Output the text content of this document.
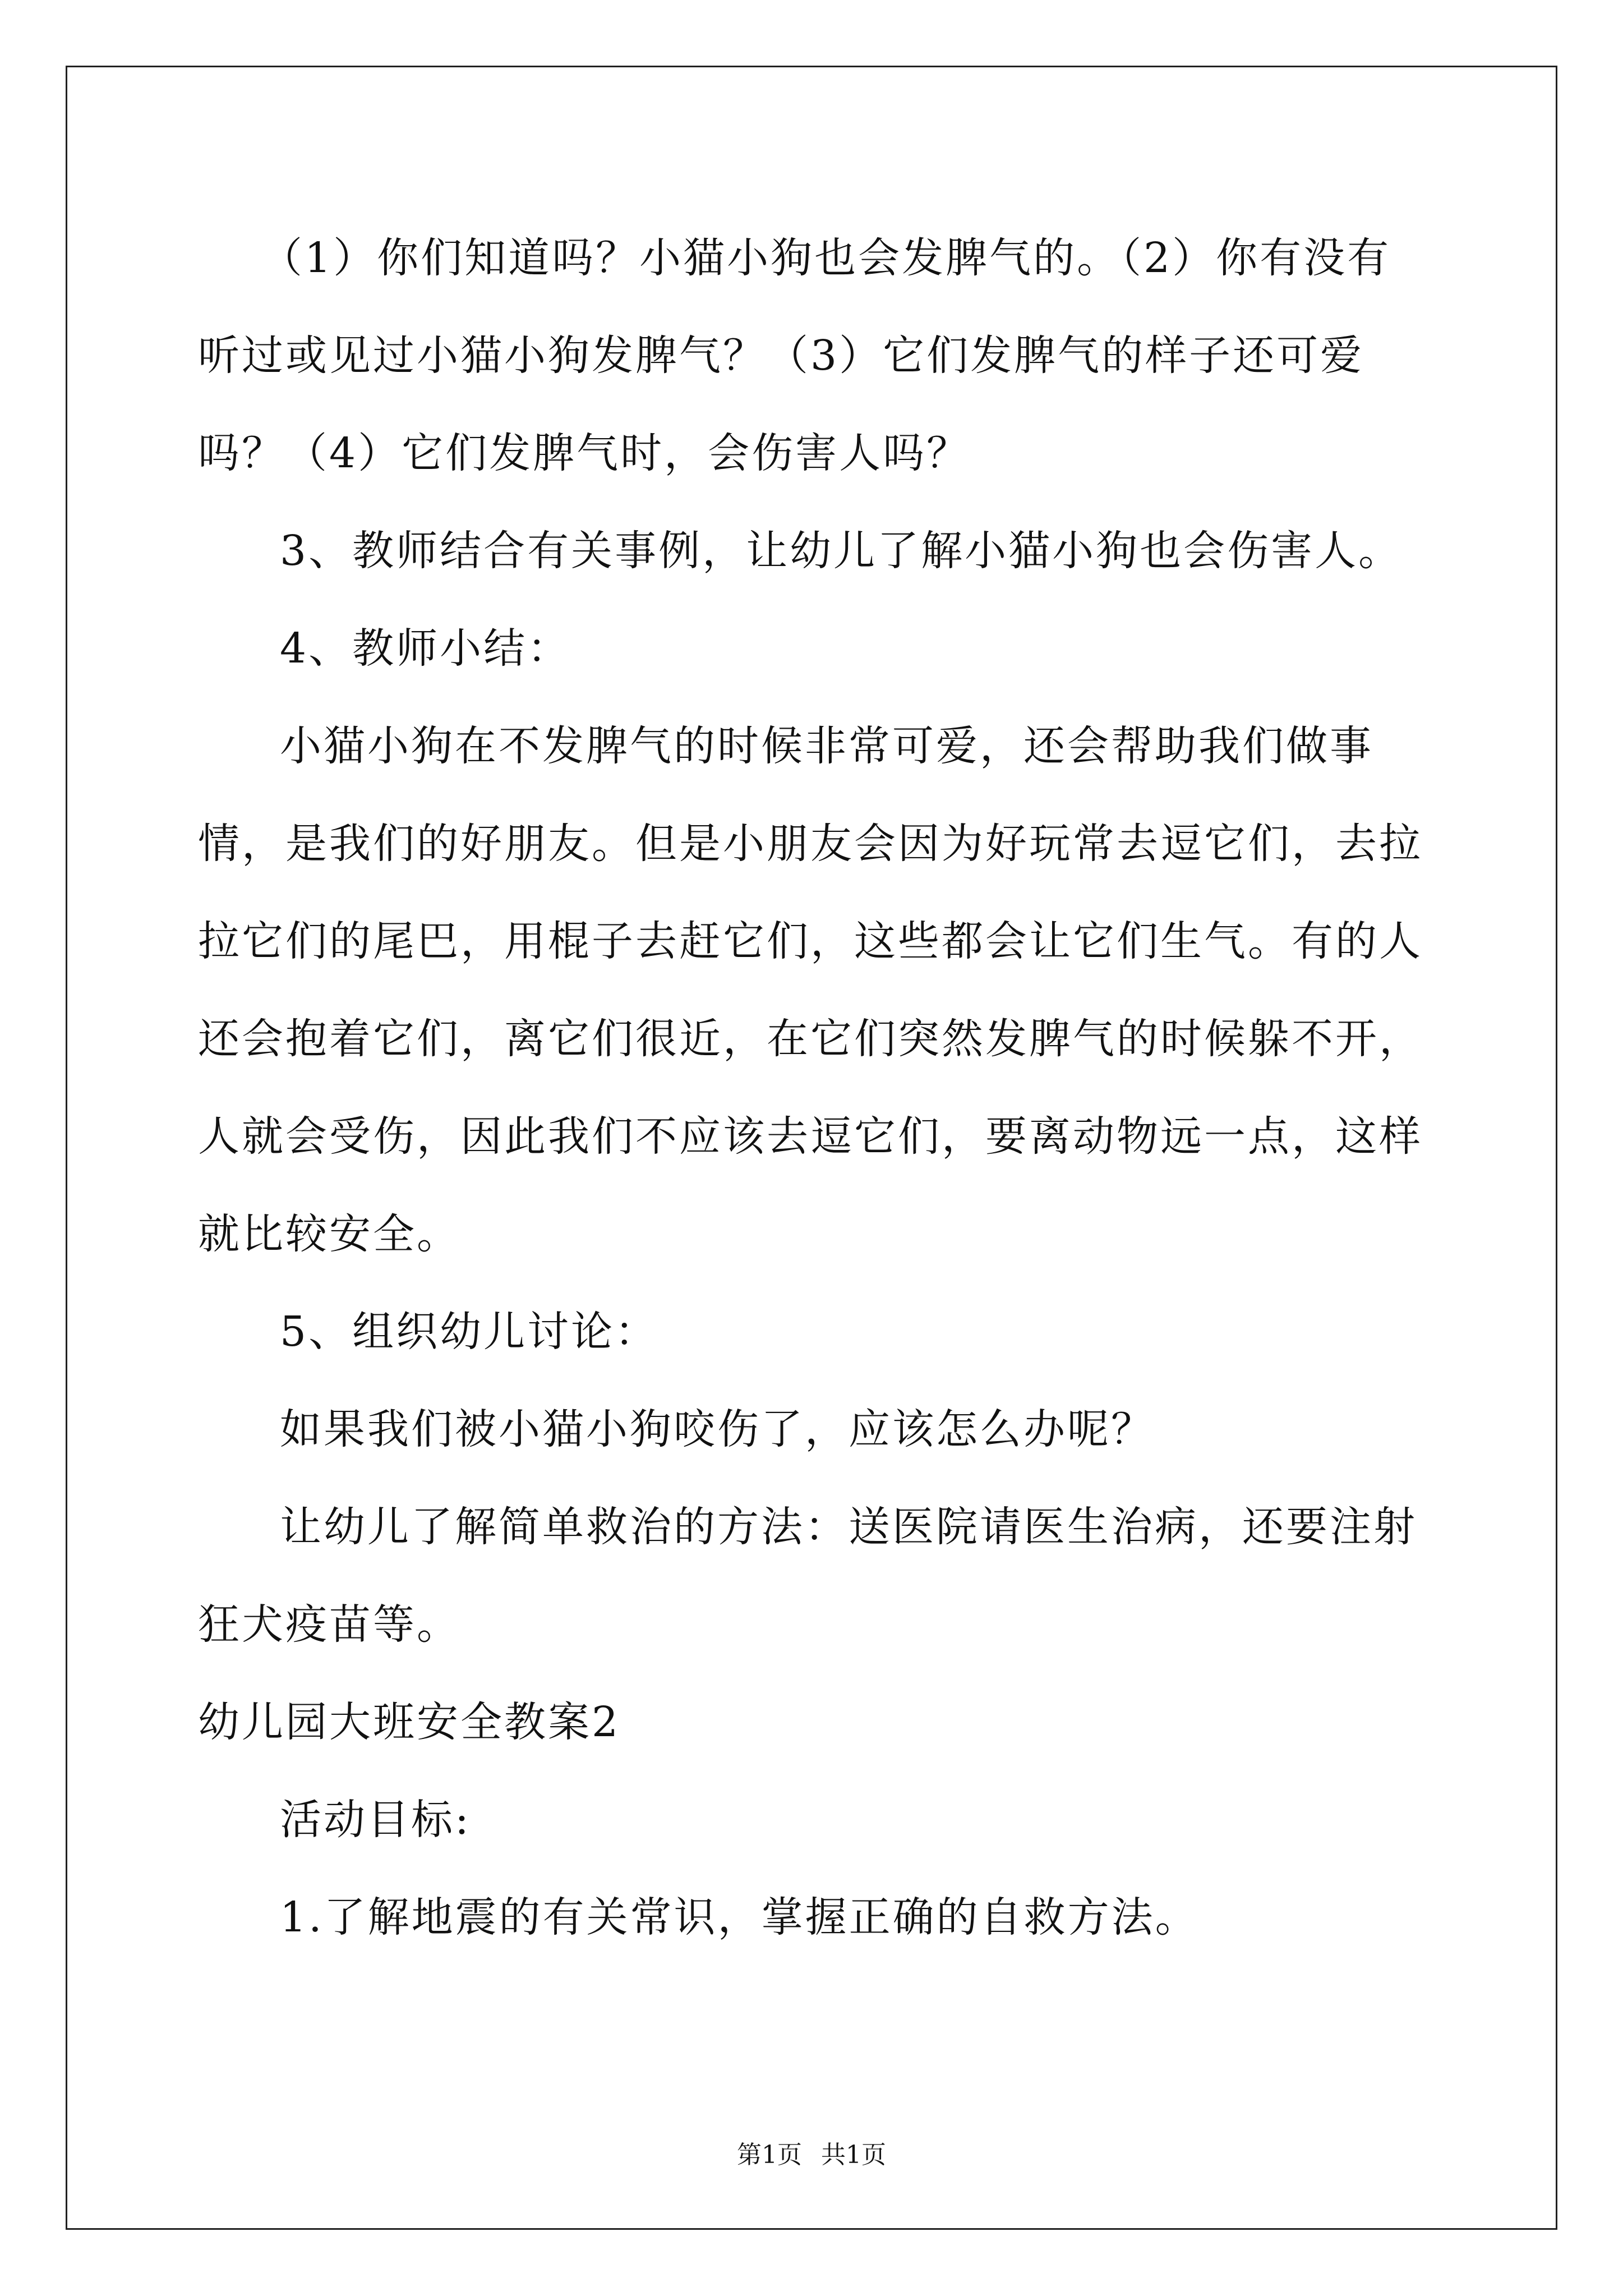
（1）你们知道吗？小猫小狗也会发脾气的。（2）你有没有听过或见过小猫小狗发脾气？（3）它们发脾气的样子还可爱吗？（4）它们发脾气时，会伤害人吗？

3、教师结合有关事例，让幼儿了解小猫小狗也会伤害人。

4、教师小结：

小猫小狗在不发脾气的时候非常可爱，还会帮助我们做事情，是我们的好朋友。但是小朋友会因为好玩常去逗它们，去拉拉它们的尾巴，用棍子去赶它们，这些都会让它们生气。有的人还会抱着它们，离它们很近，在它们突然发脾气的时候躲不开，人就会受伤，因此我们不应该去逗它们，要离动物远一点，这样就比较安全。

5、组织幼儿讨论：

如果我们被小猫小狗咬伤了，应该怎么办呢？

让幼儿了解简单救治的方法：送医院请医生治病，还要注射狂犬疫苗等。

幼儿园大班安全教案2

活动目标:

1.了解地震的有关常识，掌握正确的自救方法。

第1页 共1页
